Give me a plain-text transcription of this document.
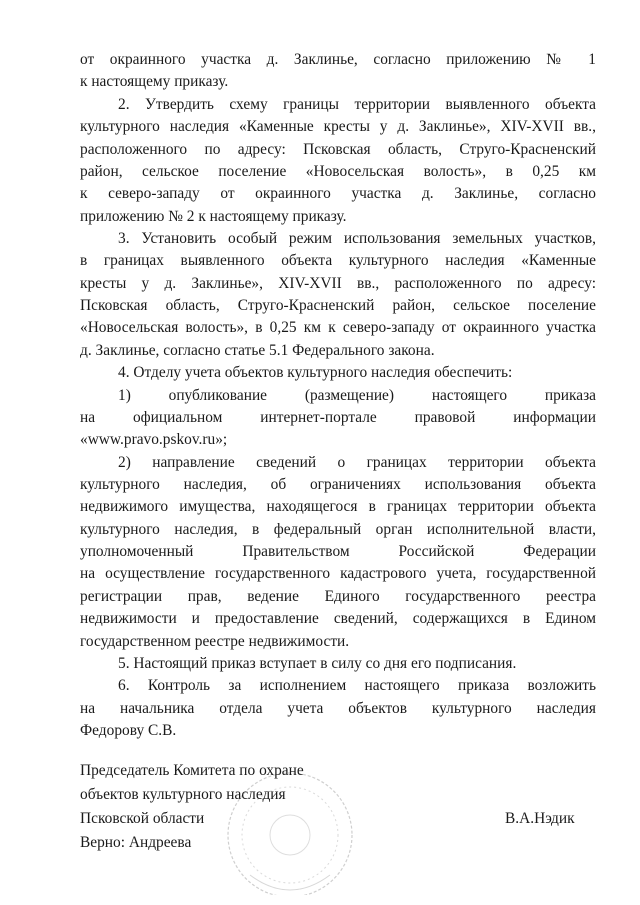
от окраинного участка д. Заклинье, согласно приложению № 1
к настоящему приказу.
2. Утвердить схему границы территории выявленного объекта
культурного наследия «Каменные кресты у д. Заклинье», XIV-XVII вв.,
расположенного по адресу: Псковская область, Струго-Красненский
район, сельское поселение «Новосельская волость», в 0,25 км
к северо-западу от окраинного участка д. Заклинье, согласно
приложению № 2 к настоящему приказу.
3. Установить особый режим использования земельных участков,
в границах выявленного объекта культурного наследия «Каменные
кресты у д. Заклинье», XIV-XVII вв., расположенного по адресу:
Псковская область, Струго-Красненский район, сельское поселение
«Новосельская волость», в 0,25 км к северо-западу от окраинного участка
д. Заклинье, согласно статье 5.1 Федерального закона.
4. Отделу учета объектов культурного наследия обеспечить:
1) опубликование (размещение) настоящего приказа
на официальном интернет-портале правовой информации
«www.pravo.pskov.ru»;
2) направление сведений о границах территории объекта
культурного наследия, об ограничениях использования объекта
недвижимого имущества, находящегося в границах территории объекта
культурного наследия, в федеральный орган исполнительной власти,
уполномоченный Правительством Российской Федерации
на осуществление государственного кадастрового учета, государственной
регистрации прав, ведение Единого государственного реестра
недвижимости и предоставление сведений, содержащихся в Едином
государственном реестре недвижимости.
5. Настоящий приказ вступает в силу со дня его подписания.
6. Контроль за исполнением настоящего приказа возложить
на начальника отдела учета объектов культурного наследия
Федорову С.В.
Председатель Комитета по охране
объектов культурного наследия
Псковской области
Верно: Андреева
В.А.Нэдик
